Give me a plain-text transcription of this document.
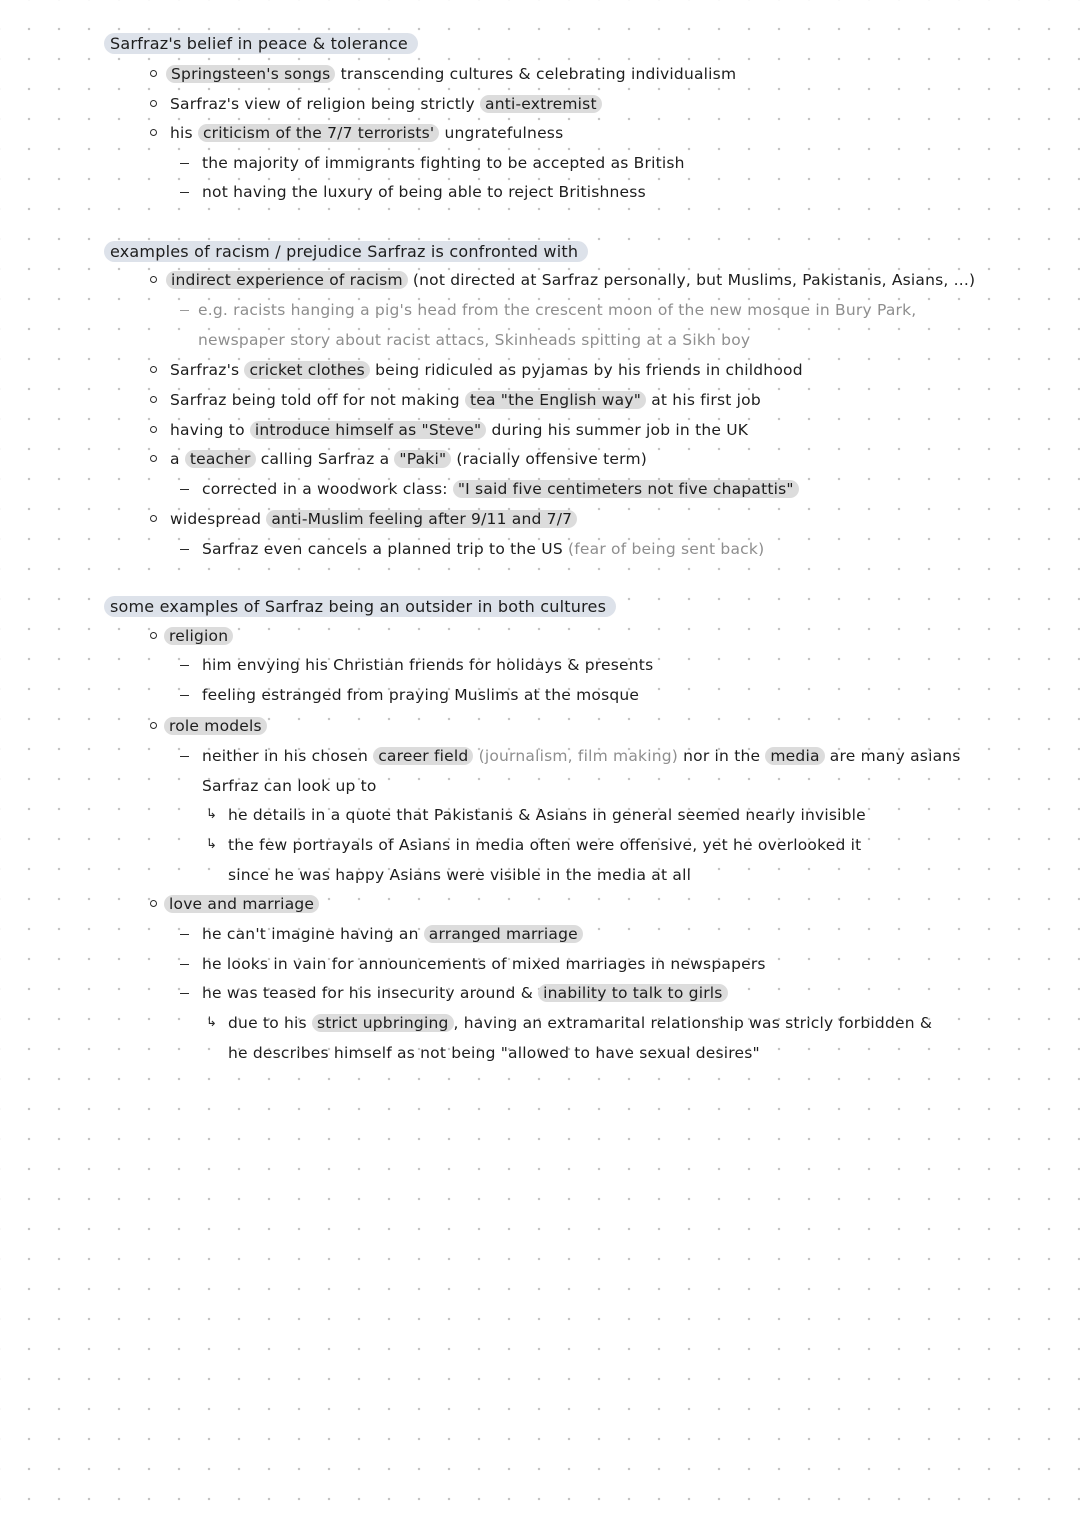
Sarfraz's belief in peace & tolerance
Springsteen's songs transcending cultures & celebrating individualism
Sarfraz's view of religion being strictly anti-extremist
his criticism of the 7/7 terrorists' ungratefulness
the majority of immigrants fighting to be accepted as British
not having the luxury of being able to reject Britishness
examples of racism / prejudice Sarfraz is confronted with
indirect experience of racism (not directed at Sarfraz personally, but Muslims, Pakistanis, Asians, ...)
e.g. racists hanging a pig's head from the crescent moon of the new mosque in Bury Park,
newspaper story about racist attacs, Skinheads spitting at a Sikh boy
Sarfraz's cricket clothes being ridiculed as pyjamas by his friends in childhood
Sarfraz being told off for not making tea "the English way" at his first job
having to introduce himself as "Steve" during his summer job in the UK
a teacher calling Sarfraz a "Paki" (racially offensive term)
corrected in a woodwork class: "I said five centimeters not five chapattis"
widespread anti-Muslim feeling after 9/11 and 7/7
Sarfraz even cancels a planned trip to the US (fear of being sent back)
some examples of Sarfraz being an outsider in both cultures
religion
him envying his Christian friends for holidays & presents
feeling estranged from praying Muslims at the mosque
role models
neither in his chosen career field (journalism, film making) nor in the media are many asians
Sarfraz can look up to
↳ he details in a quote that Pakistanis & Asians in general seemed nearly invisible
↳ the few portrayals of Asians in media often were offensive, yet he overlooked it
since he was happy Asians were visible in the media at all
love and marriage
he can't imagine having an arranged marriage
he looks in vain for announcements of mixed marriages in newspapers
he was teased for his insecurity around & inability to talk to girls
↳ due to his strict upbringing , having an extramarital relationship was stricly forbidden &
he describes himself as not being "allowed to have sexual desires"
